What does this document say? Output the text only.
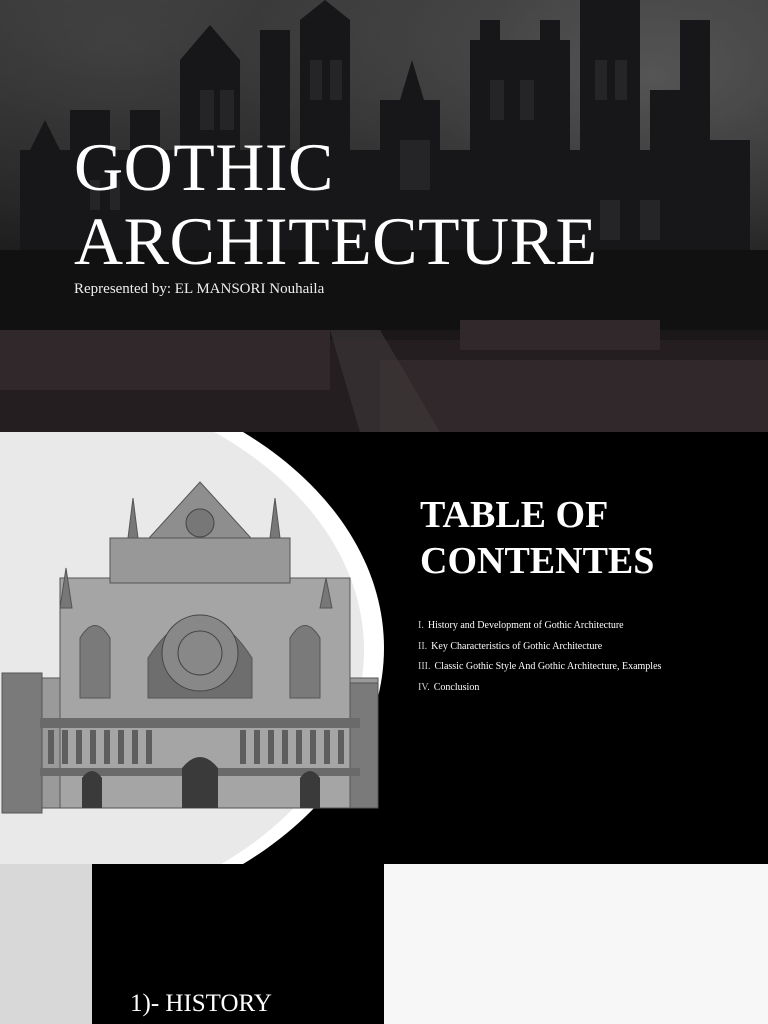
GOTHIC
ARCHITECTURE
Represented by: EL MANSORI Nouhaila
TABLE OF
CONTENTES
I. History and Development of Gothic Architecture
II. Key Characteristics of Gothic Architecture
III. Classic Gothic Style And Gothic Architecture, Examples
IV. Conclusion
1)- HISTORY
